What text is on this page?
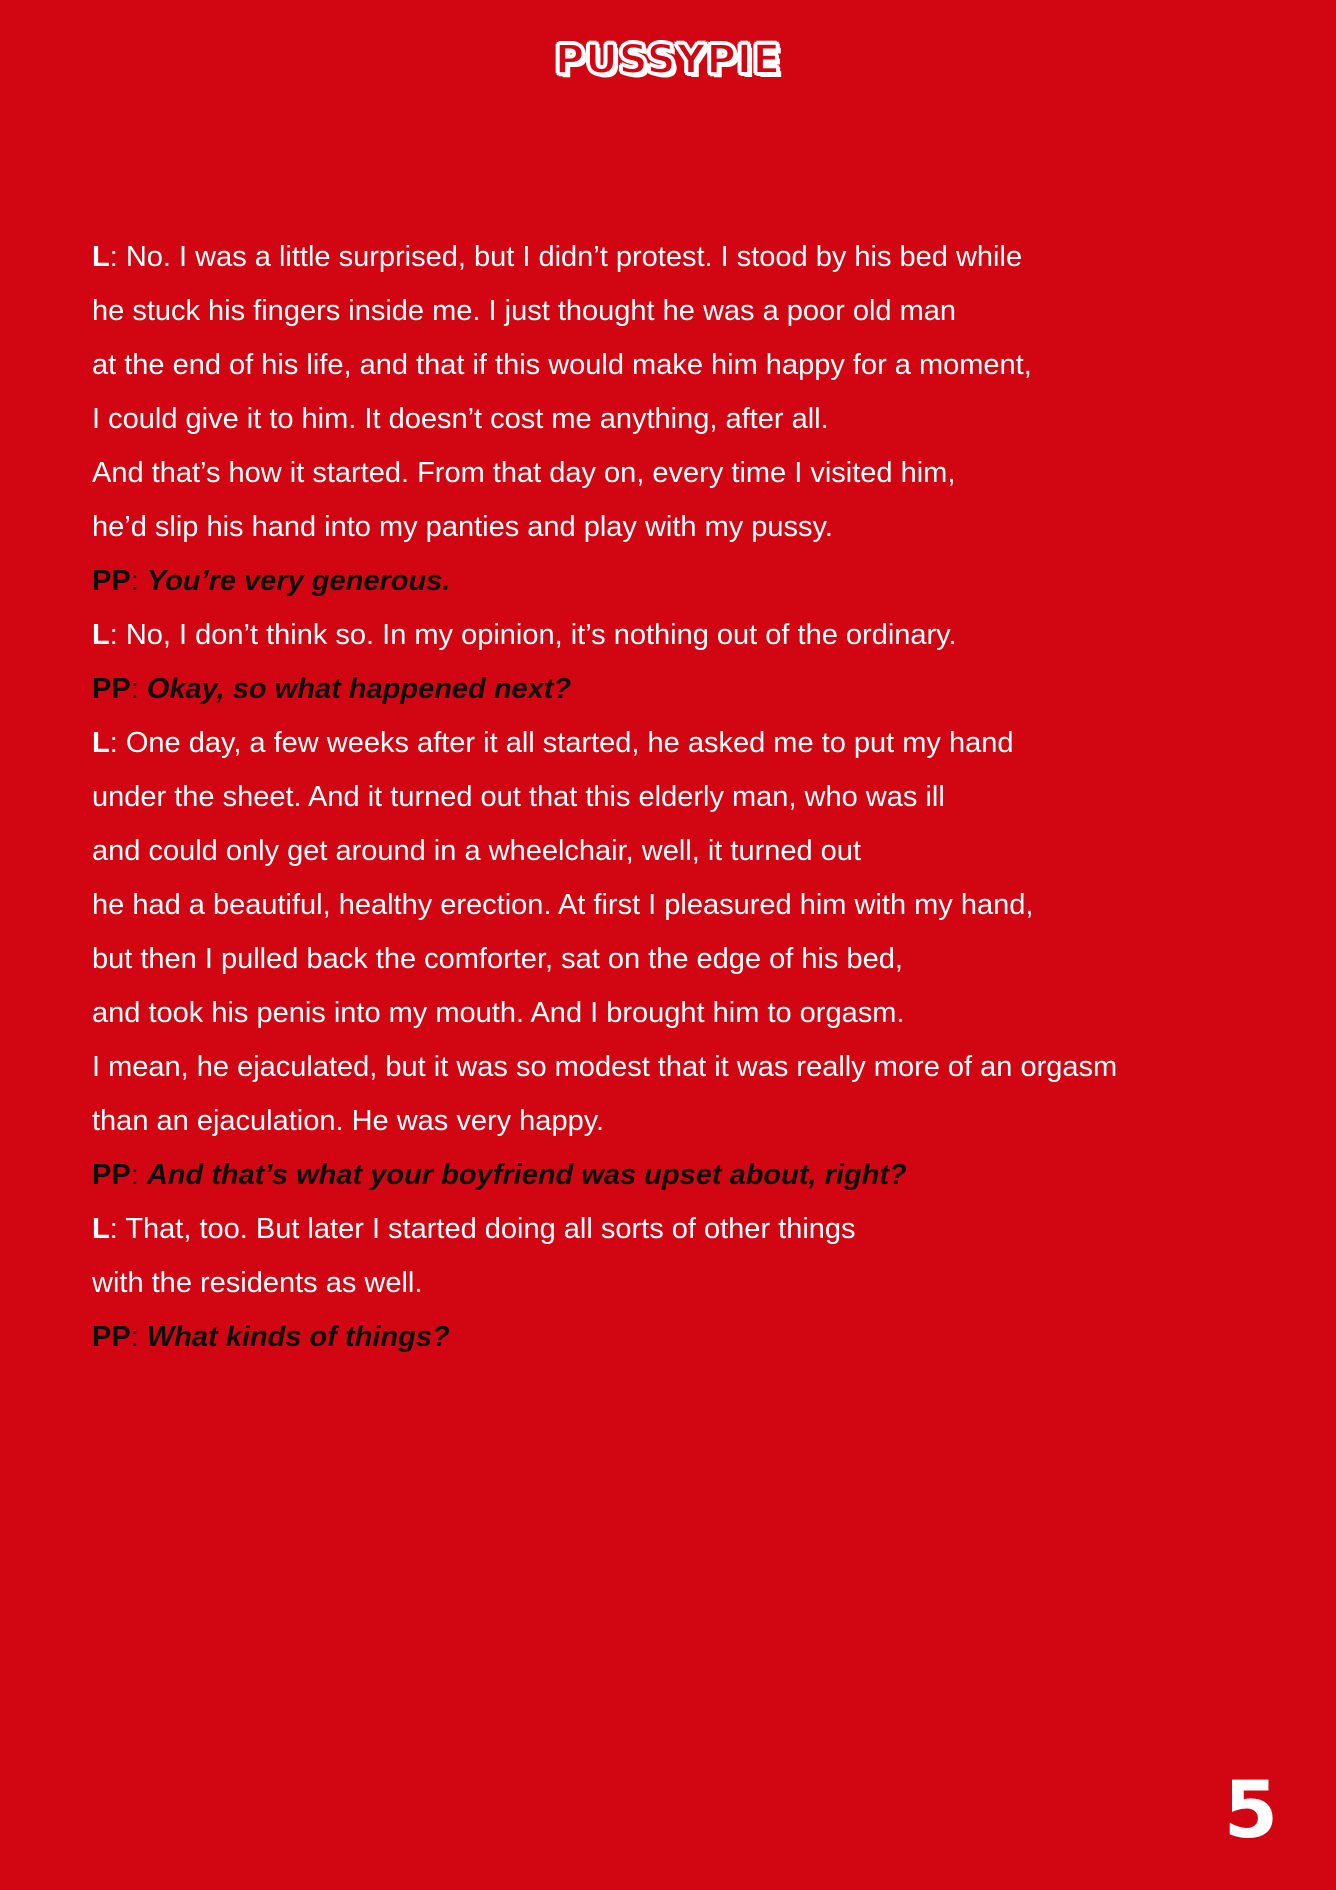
PUSSYPIE
L: No. I was a little surprised, but I didn’t protest. I stood by his bed while
he stuck his fingers inside me. I just thought he was a poor old man
at the end of his life, and that if this would make him happy for a moment,
I could give it to him. It doesn’t cost me anything, after all.
And that’s how it started. From that day on, every time I visited him,
he’d slip his hand into my panties and play with my pussy.
PP: You’re very generous.
L: No, I don’t think so. In my opinion, it’s nothing out of the ordinary.
PP: Okay, so what happened next?
L: One day, a few weeks after it all started, he asked me to put my hand
under the sheet. And it turned out that this elderly man, who was ill
and could only get around in a wheelchair, well, it turned out
he had a beautiful, healthy erection. At first I pleasured him with my hand,
but then I pulled back the comforter, sat on the edge of his bed,
and took his penis into my mouth. And I brought him to orgasm.
I mean, he ejaculated, but it was so modest that it was really more of an orgasm
than an ejaculation. He was very happy.
PP: And that’s what your boyfriend was upset about, right?
L: That, too. But later I started doing all sorts of other things
with the residents as well.
PP: What kinds of things?
5
